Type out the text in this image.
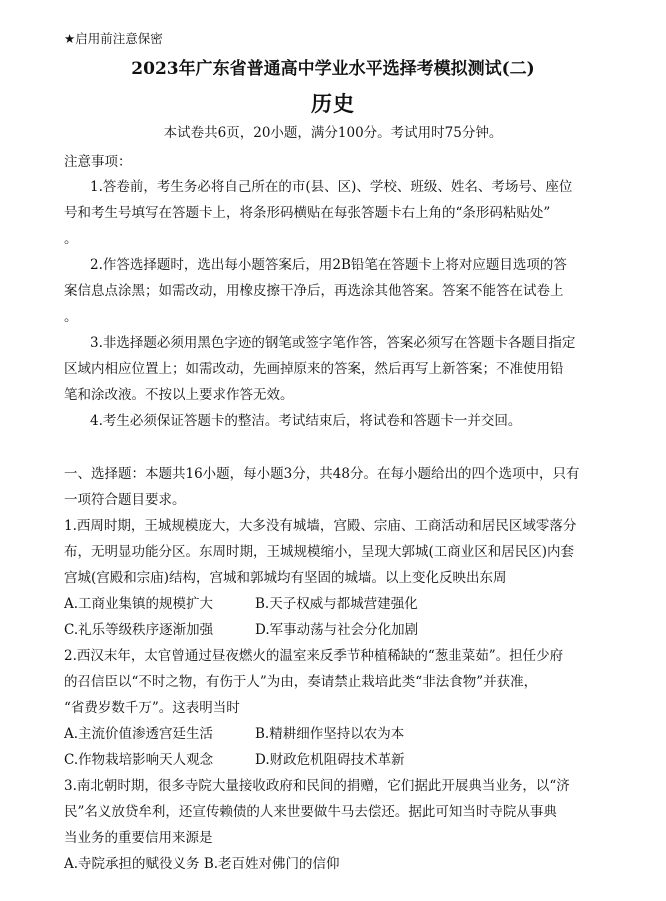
★启用前注意保密
2023年广东省普通高中学业水平选择考模拟测试(二)
历史
本试卷共6页，20小题，满分100分。考试用时75分钟。
注意事项：
1.答卷前，考生务必将自己所在的市(县、区)、学校、班级、姓名、考场号、座位
号和考生号填写在答题卡上，将条形码横贴在每张答题卡右上角的“条形码粘贴处”
。
2.作答选择题时，选出每小题答案后，用2B铅笔在答题卡上将对应题目选项的答
案信息点涂黑；如需改动，用橡皮擦干净后，再选涂其他答案。答案不能答在试卷上
。
3.非选择题必须用黑色字迹的钢笔或签字笔作答，答案必须写在答题卡各题目指定
区域内相应位置上；如需改动，先画掉原来的答案，然后再写上新答案；不准使用铅
笔和涂改液。不按以上要求作答无效。
4.考生必须保证答题卡的整洁。考试结束后，将试卷和答题卡一并交回。
一、选择题：本题共16小题，每小题3分，共48分。在每小题给出的四个选项中，只有
一项符合题目要求。
1.西周时期，王城规模庞大，大多没有城墙，宫殿、宗庙、工商活动和居民区域零落分
布，无明显功能分区。东周时期，王城规模缩小，呈现大郭城(工商业区和居民区)内套
宫城(宫殿和宗庙)结构，宫城和郭城均有坚固的城墙。以上变化反映出东周
A.工商业集镇的规模扩大	B.天子权威与都城营建强化
C.礼乐等级秩序逐渐加强	D.军事动荡与社会分化加剧
2.西汉末年，太官曾通过昼夜燃火的温室来反季节种植稀缺的“葱韭菜茹”。担任少府
的召信臣以“不时之物，有伤于人”为由，奏请禁止栽培此类“非法食物”并获准，
“省费岁数千万”。这表明当时
A.主流价值渗透宫廷生活	B.精耕细作坚持以农为本
C.作物栽培影响天人观念	D.财政危机阻碍技术革新
3.南北朝时期，很多寺院大量接收政府和民间的捐赠，它们据此开展典当业务，以“济
民”名义放贷牟利，还宣传赖债的人来世要做牛马去偿还。据此可知当时寺院从事典
当业务的重要信用来源是
A.寺院承担的赋役义务 B.老百姓对佛门的信仰
